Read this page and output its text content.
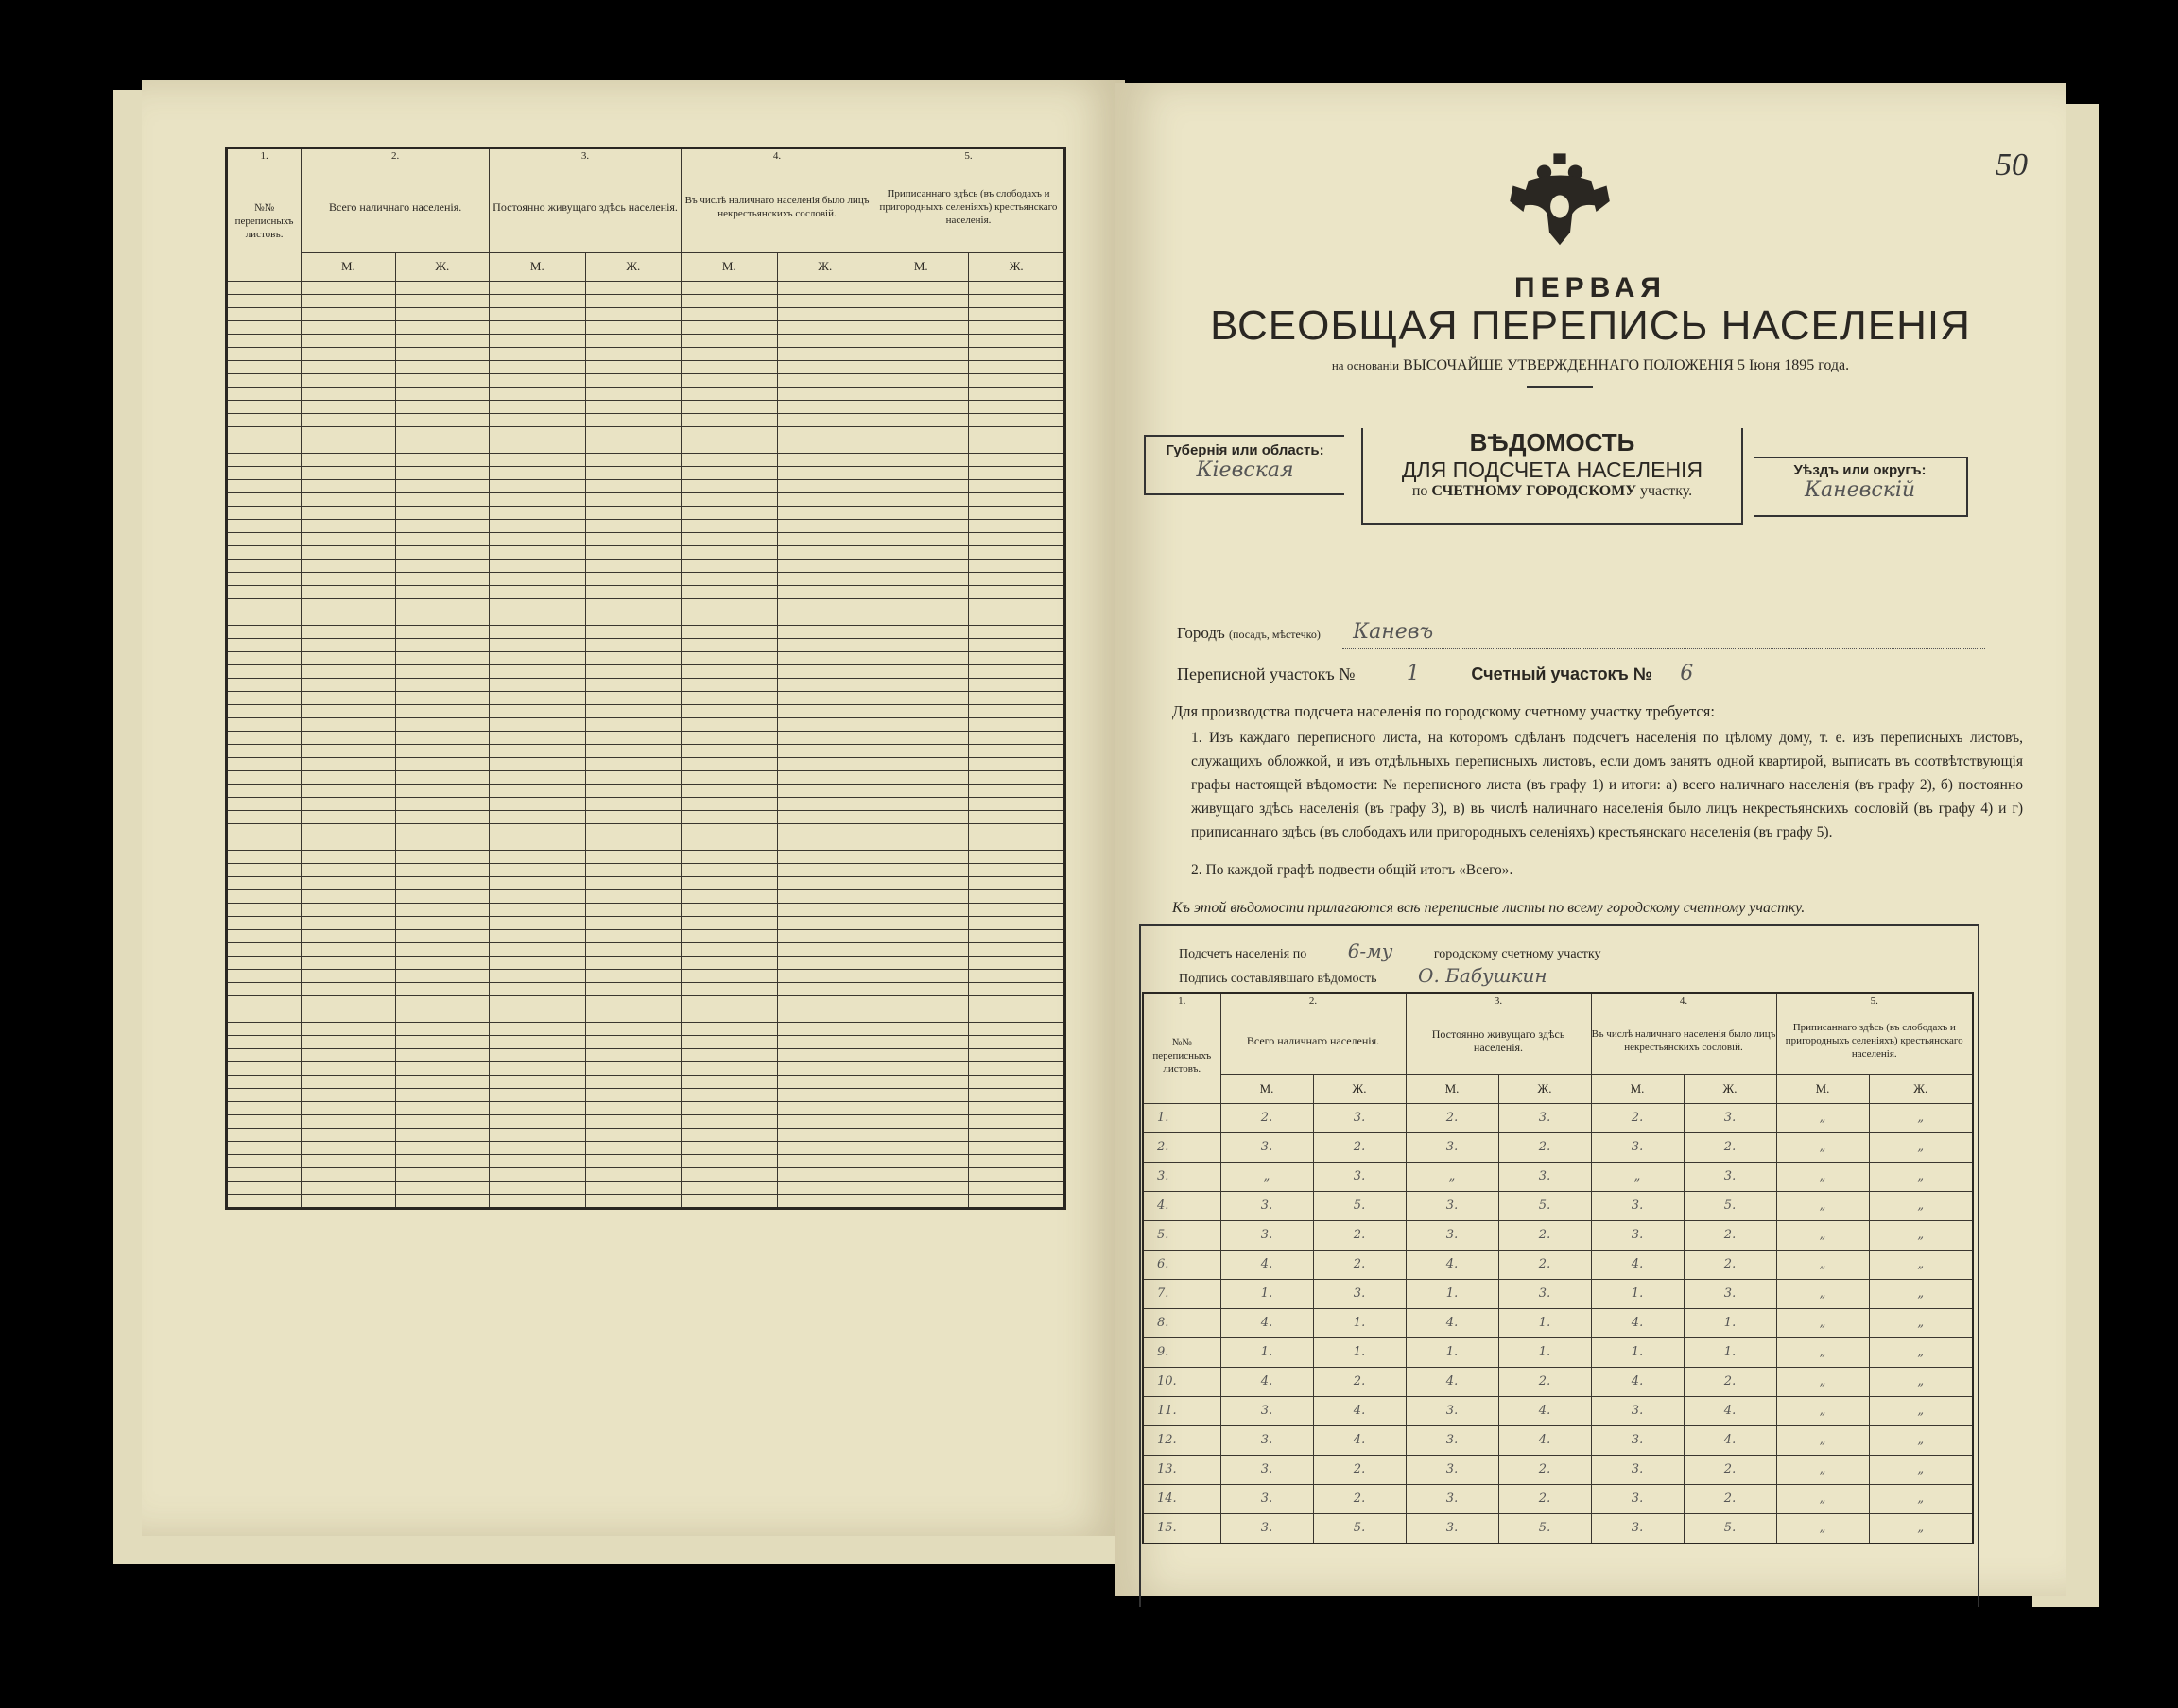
1.	2.		3.		4.		5.	
№№ переписныхъ листовъ.	Всего наличнаго населенія.		Постоянно живущаго здѣсь населенія.		Въ числѣ наличнаго населенія было лицъ некрестьянскихъ сословій.		Приписаннаго здѣсь (въ слободахъ и пригородныхъ селеніяхъ) крестьянскаго населенія.	
	М.	Ж.	М.	Ж.	М.	Ж.	М.	Ж.

50
ПЕРВАЯ
ВСЕОБЩАЯ ПЕРЕПИСЬ НАСЕЛЕНІЯ
на основаніи ВЫСОЧАЙШЕ УТВЕРЖДЕННАГО ПОЛОЖЕНІЯ 5 Іюня 1895 года.
Губернія или область:
Кіевская
ВѢДОМОСТЬ
ДЛЯ ПОДСЧЕТА НАСЕЛЕНІЯ
по СЧЕТНОМУ ГОРОДСКОМУ участку.
Уѣздъ или округъ:
Каневскій
Городъ (посадъ, мѣстечко) Каневъ
Переписной участокъ № 1	Счетный участокъ № 6
Для производства подсчета населенія по городскому счетному участку требуется:
1. Изъ каждаго переписного листа, на которомъ сдѣланъ подсчетъ населенія по цѣлому дому, т. е. изъ переписныхъ листовъ, служащихъ обложкой, и изъ отдѣльныхъ переписныхъ листовъ, если домъ занятъ одной квартирой, выписать въ соотвѣтствующія графы настоящей вѣдомости: № переписного листа (въ графу 1) и итоги: а) всего наличнаго населенія (въ графу 2), б) постоянно живущаго здѣсь населенія (въ графу 3), в) въ числѣ наличнаго населенія было лицъ некрестьянскихъ сословій (въ графу 4) и г) приписаннаго здѣсь (въ слободахъ или пригородныхъ селеніяхъ) крестьянскаго населенія (въ графу 5).
2. По каждой графѣ подвести общій итогъ «Всего».
Къ этой вѣдомости прилагаются всѣ переписные листы по всему городскому счетному участку.
Подсчетъ населенія по 6-му	городскому счетному участку
Подпись составлявшаго вѣдомость О. Бабушкин
1.	2.		3.		4.		5.	
№№ переписныхъ листовъ.	Всего наличнаго населенія.		Постоянно живущаго здѣсь населенія.		Въ числѣ наличнаго населенія было лицъ некрестьянскихъ сословій.		Приписаннаго здѣсь (въ слободахъ и пригородныхъ селеніяхъ) крестьянскаго населенія.	
	М.	Ж.	М.	Ж.	М.	Ж.	М.	Ж.
1.	2.	3.	2.	3.	2.	3.	„	„
2.	3.	2.	3.	2.	3.	2.	„	„
3.	„	3.	„	3.	„	3.	„	„
4.	3.	5.	3.	5.	3.	5.	„	„
5.	3.	2.	3.	2.	3.	2.	„	„
6.	4.	2.	4.	2.	4.	2.	„	„
7.	1.	3.	1.	3.	1.	3.	„	„
8.	4.	1.	4.	1.	4.	1.	„	„
9.	1.	1.	1.	1.	1.	1.	„	„
10.	4.	2.	4.	2.	4.	2.	„	„
11.	3.	4.	3.	4.	3.	4.	„	„
12.	3.	4.	3.	4.	3.	4.	„	„
13.	3.	2.	3.	2.	3.	2.	„	„
14.	3.	2.	3.	2.	3.	2.	„	„
15.	3.	5.	3.	5.	3.	5.	„	„
